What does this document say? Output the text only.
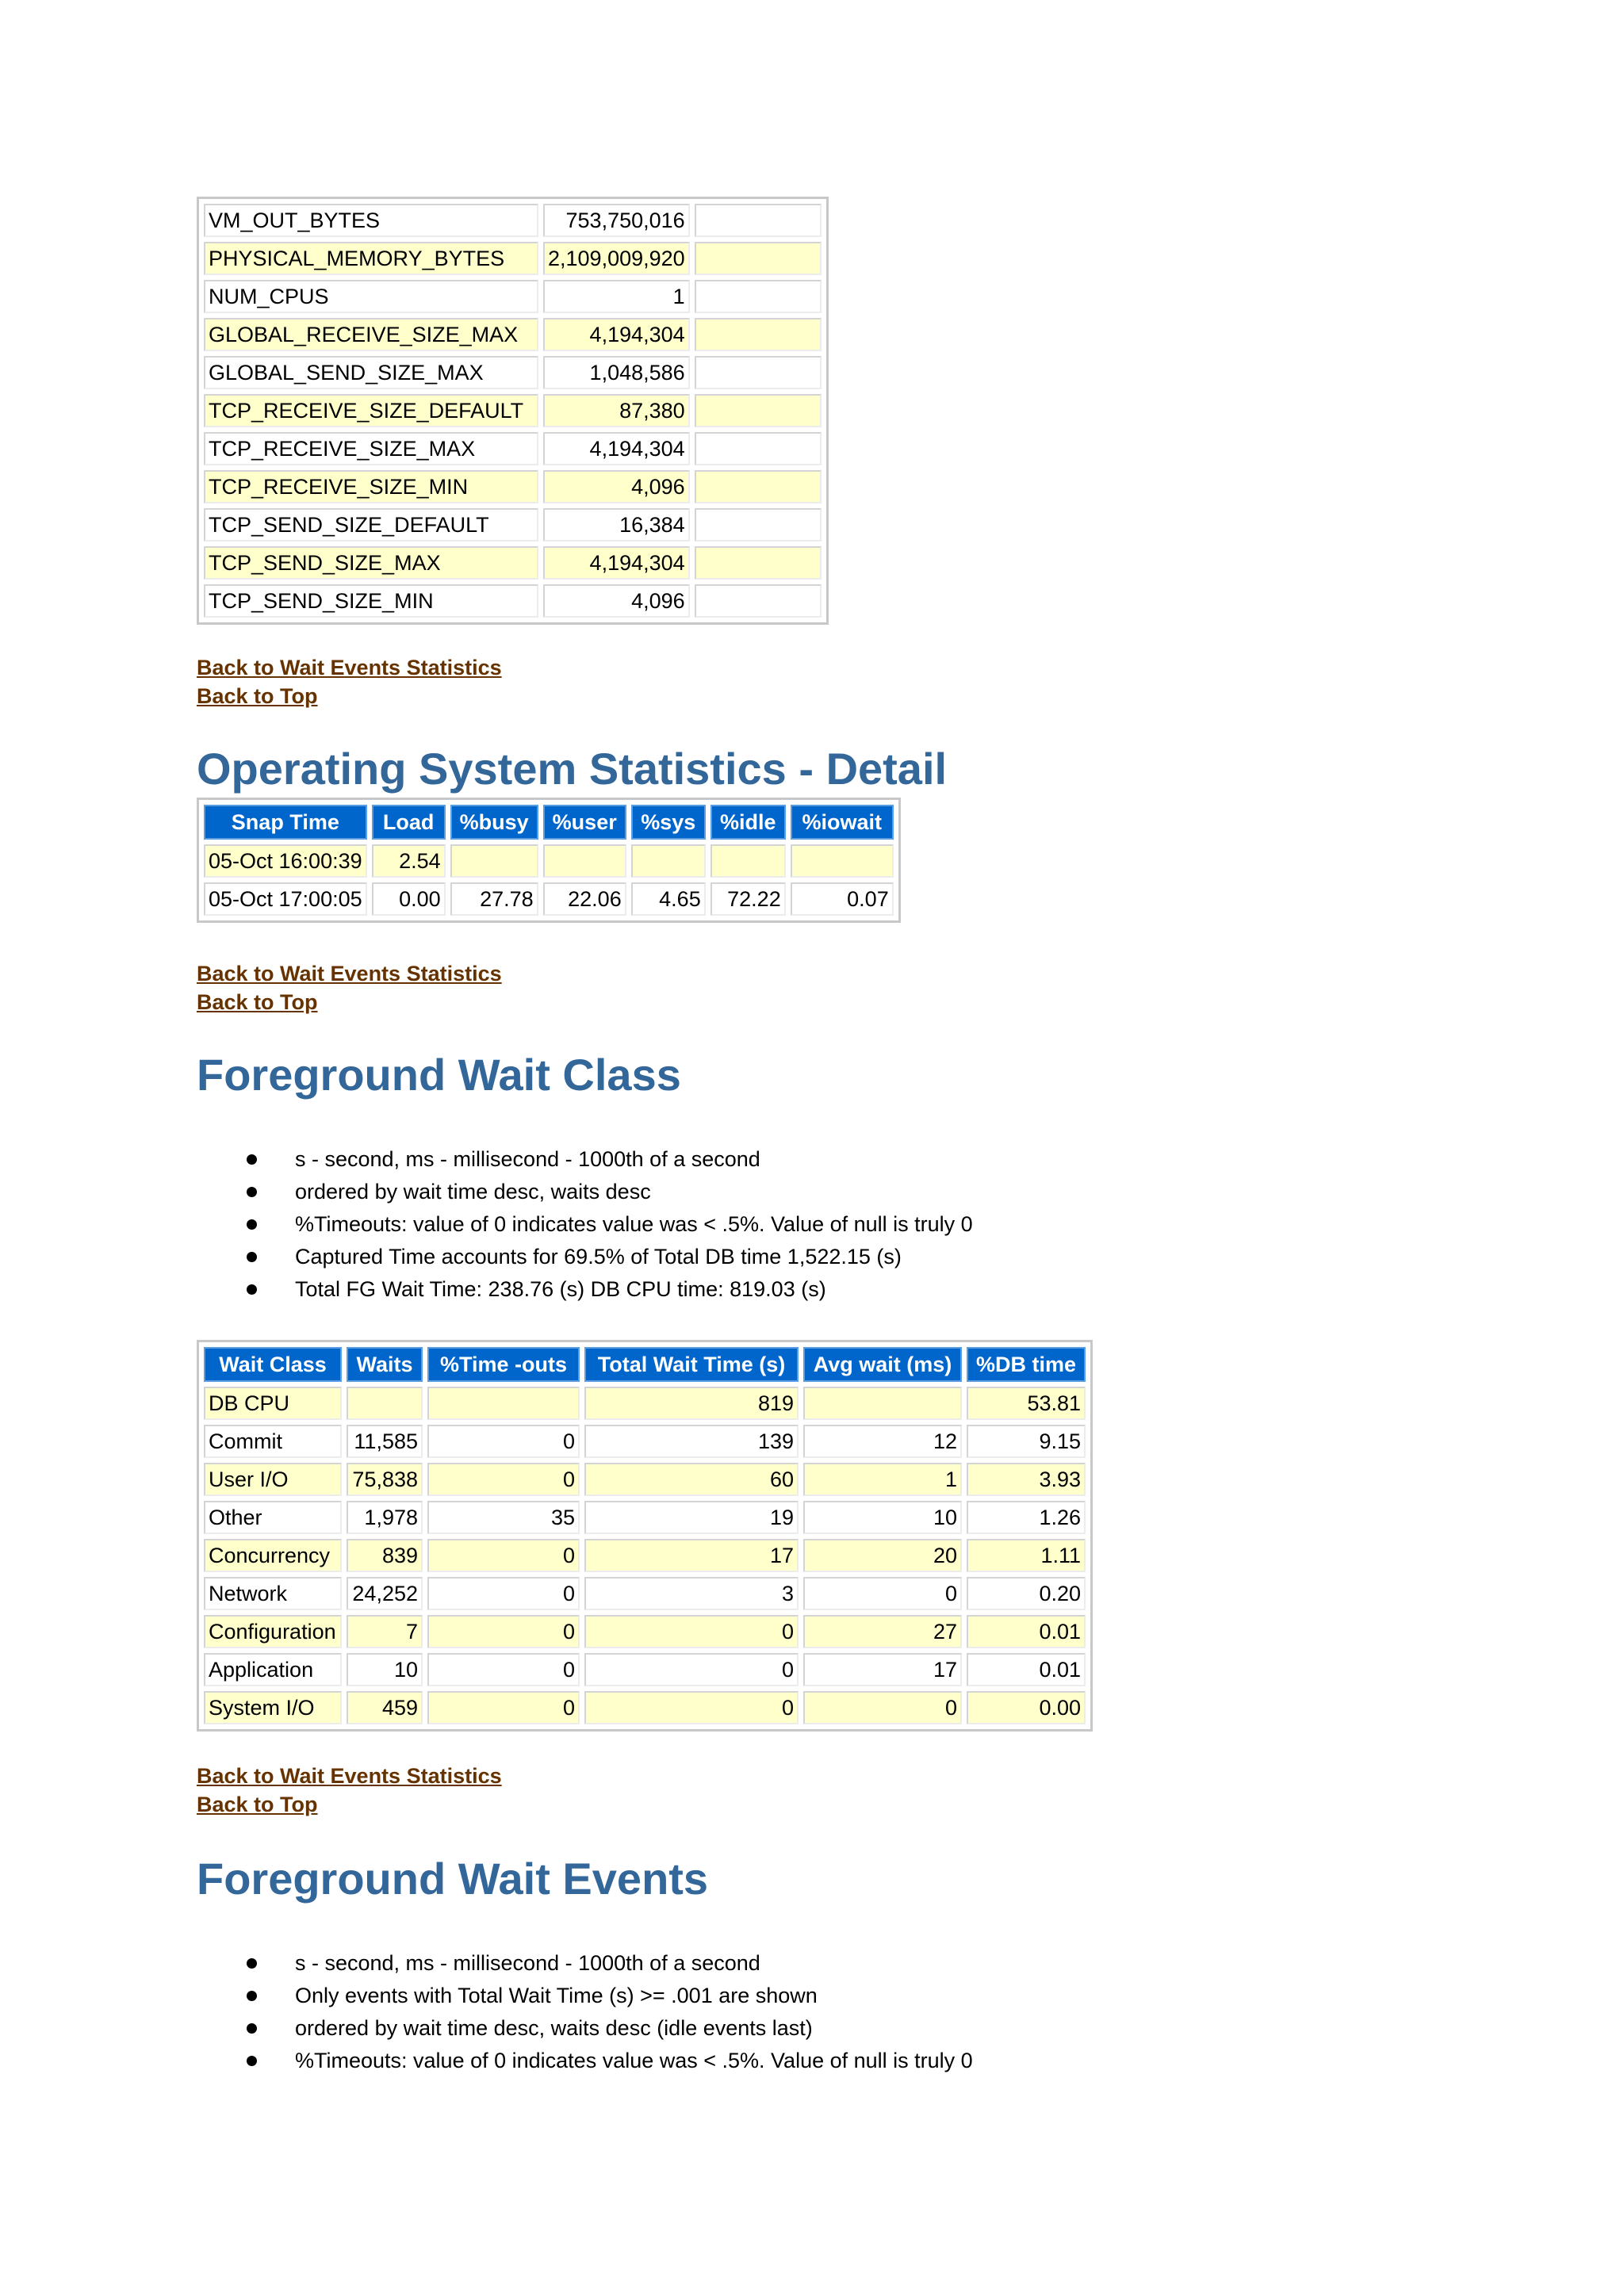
VM_OUT_BYTES	753,750,016	
PHYSICAL_MEMORY_BYTES	2,109,009,920	
NUM_CPUS	1	
GLOBAL_RECEIVE_SIZE_MAX	4,194,304	
GLOBAL_SEND_SIZE_MAX	1,048,586	
TCP_RECEIVE_SIZE_DEFAULT	87,380	
TCP_RECEIVE_SIZE_MAX	4,194,304	
TCP_RECEIVE_SIZE_MIN	4,096	
TCP_SEND_SIZE_DEFAULT	16,384	
TCP_SEND_SIZE_MAX	4,194,304	
TCP_SEND_SIZE_MIN	4,096	
Back to Wait Events Statistics
Back to Top
Operating System Statistics - Detail
Snap Time	Load	%busy	%user	%sys	%idle	%iowait
05-Oct 16:00:39	2.54					
05-Oct 17:00:05	0.00	27.78	22.06	4.65	72.22	0.07
Back to Wait Events Statistics
Back to Top
Foreground Wait Class
s - second, ms - millisecond - 1000th of a second
ordered by wait time desc, waits desc
%Timeouts: value of 0 indicates value was < .5%. Value of null is truly 0
Captured Time accounts for 69.5% of Total DB time 1,522.15 (s)
Total FG Wait Time: 238.76 (s) DB CPU time: 819.03 (s)
Wait Class	Waits	%Time -outs	Total Wait Time (s)	Avg wait (ms)	%DB time
DB CPU			819		53.81
Commit	11,585	0	139	12	9.15
User I/O	75,838	0	60	1	3.93
Other	1,978	35	19	10	1.26
Concurrency	839	0	17	20	1.11
Network	24,252	0	3	0	0.20
Configuration	7	0	0	27	0.01
Application	10	0	0	17	0.01
System I/O	459	0	0	0	0.00
Back to Wait Events Statistics
Back to Top
Foreground Wait Events
s - second, ms - millisecond - 1000th of a second
Only events with Total Wait Time (s) >= .001 are shown
ordered by wait time desc, waits desc (idle events last)
%Timeouts: value of 0 indicates value was < .5%. Value of null is truly 0
